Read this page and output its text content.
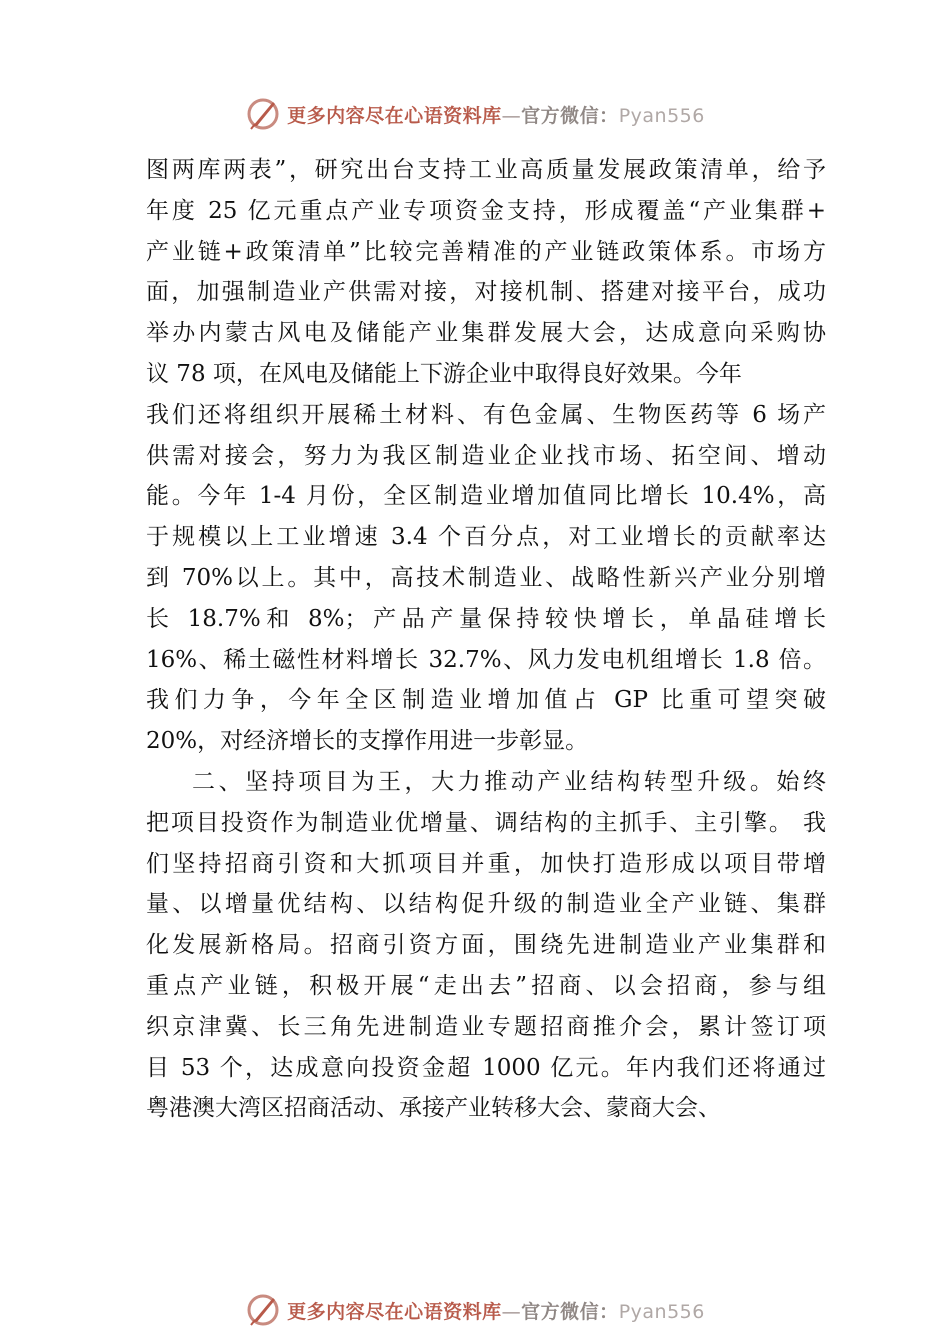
更多内容尽在心语资料库—官方微信：Pyan556
图两库两表”，研究出台支持工业高质量发展政策清单，给予
年度 25 亿元重点产业专项资金支持，形成覆盖“产业集群+
产业链+政策清单”比较完善精准的产业链政策体系。市场方
面，加强制造业产供需对接，对接机制、搭建对接平台，成功
举办内蒙古风电及储能产业集群发展大会，达成意向采购协
议 78 项，在风电及储能上下游企业中取得良好效果。今年
我们还将组织开展稀土材料、有色金属、生物医药等 6 场产
供需对接会，努力为我区制造业企业找市场、拓空间、增动
能。今年 1-4 月份，全区制造业增加值同比增长 10.4%，高
于规模以上工业增速 3.4 个百分点，对工业增长的贡献率达
到 70%以上。其中，高技术制造业、战略性新兴产业分别增
长 18.7%和 8%；产品产量保持较快增长，单晶硅增长
16%、稀土磁性材料增长 32.7%、风力发电机组增长 1.8 倍。
我们力争，今年全区制造业增加值占 GP 比重可望突破
20%，对经济增长的支撑作用进一步彰显。
二、坚持项目为王，大力推动产业结构转型升级。始终
把项目投资作为制造业优增量、调结构的主抓手、主引擎。 我
们坚持招商引资和大抓项目并重，加快打造形成以项目带增
量、以增量优结构、以结构促升级的制造业全产业链、集群
化发展新格局。招商引资方面，围绕先进制造业产业集群和
重点产业链，积极开展“走出去”招商、以会招商，参与组
织京津冀、长三角先进制造业专题招商推介会，累计签订项
目 53 个，达成意向投资金超 1000 亿元。年内我们还将通过
粤港澳大湾区招商活动、承接产业转移大会、蒙商大会、
更多内容尽在心语资料库—官方微信：Pyan556
